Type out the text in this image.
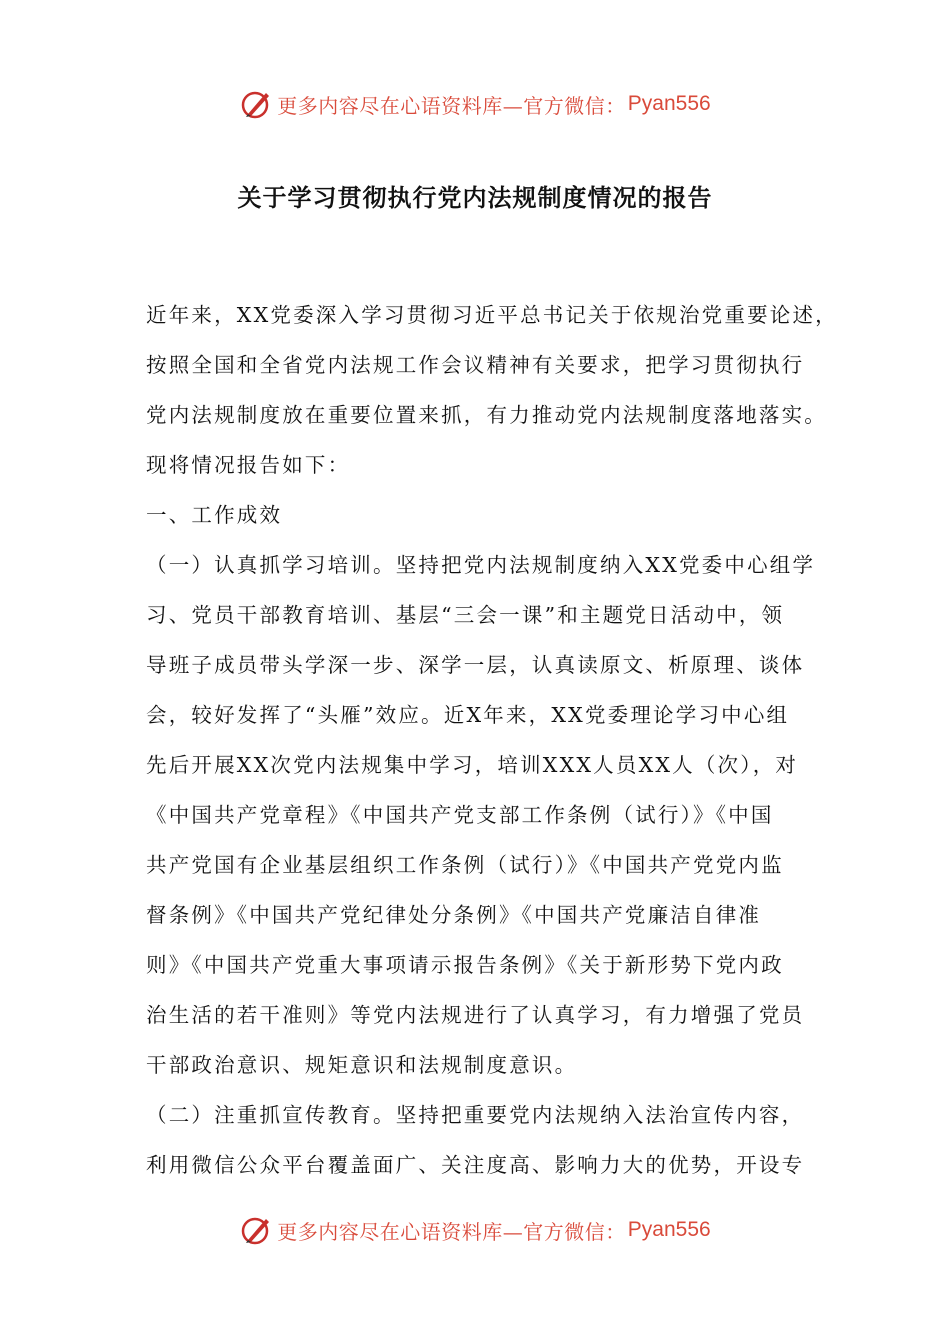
更多内容尽在心语资料库—官方微信： Pyan556
关于学习贯彻执行党内法规制度情况的报告
近年来，XX党委深入学习贯彻习近平总书记关于依规治党重要论述，
按照全国和全省党内法规工作会议精神有关要求，把学习贯彻执行
党内法规制度放在重要位置来抓，有力推动党内法规制度落地落实。
现将情况报告如下：
一、工作成效
（一）认真抓学习培训。坚持把党内法规制度纳入XX党委中心组学
习、党员干部教育培训、基层“三会一课”和主题党日活动中，领
导班子成员带头学深一步、深学一层，认真读原文、析原理、谈体
会，较好发挥了“头雁”效应。近X年来，XX党委理论学习中心组
先后开展XX次党内法规集中学习，培训XXX人员XX人（次），对
《中国共产党章程》《中国共产党支部工作条例（试行）》《中国
共产党国有企业基层组织工作条例（试行）》《中国共产党党内监
督条例》《中国共产党纪律处分条例》《中国共产党廉洁自律准
则》《中国共产党重大事项请示报告条例》《关于新形势下党内政
治生活的若干准则》等党内法规进行了认真学习，有力增强了党员
干部政治意识、规矩意识和法规制度意识。
（二）注重抓宣传教育。坚持把重要党内法规纳入法治宣传内容，
利用微信公众平台覆盖面广、关注度高、影响力大的优势，开设专
更多内容尽在心语资料库—官方微信： Pyan556
